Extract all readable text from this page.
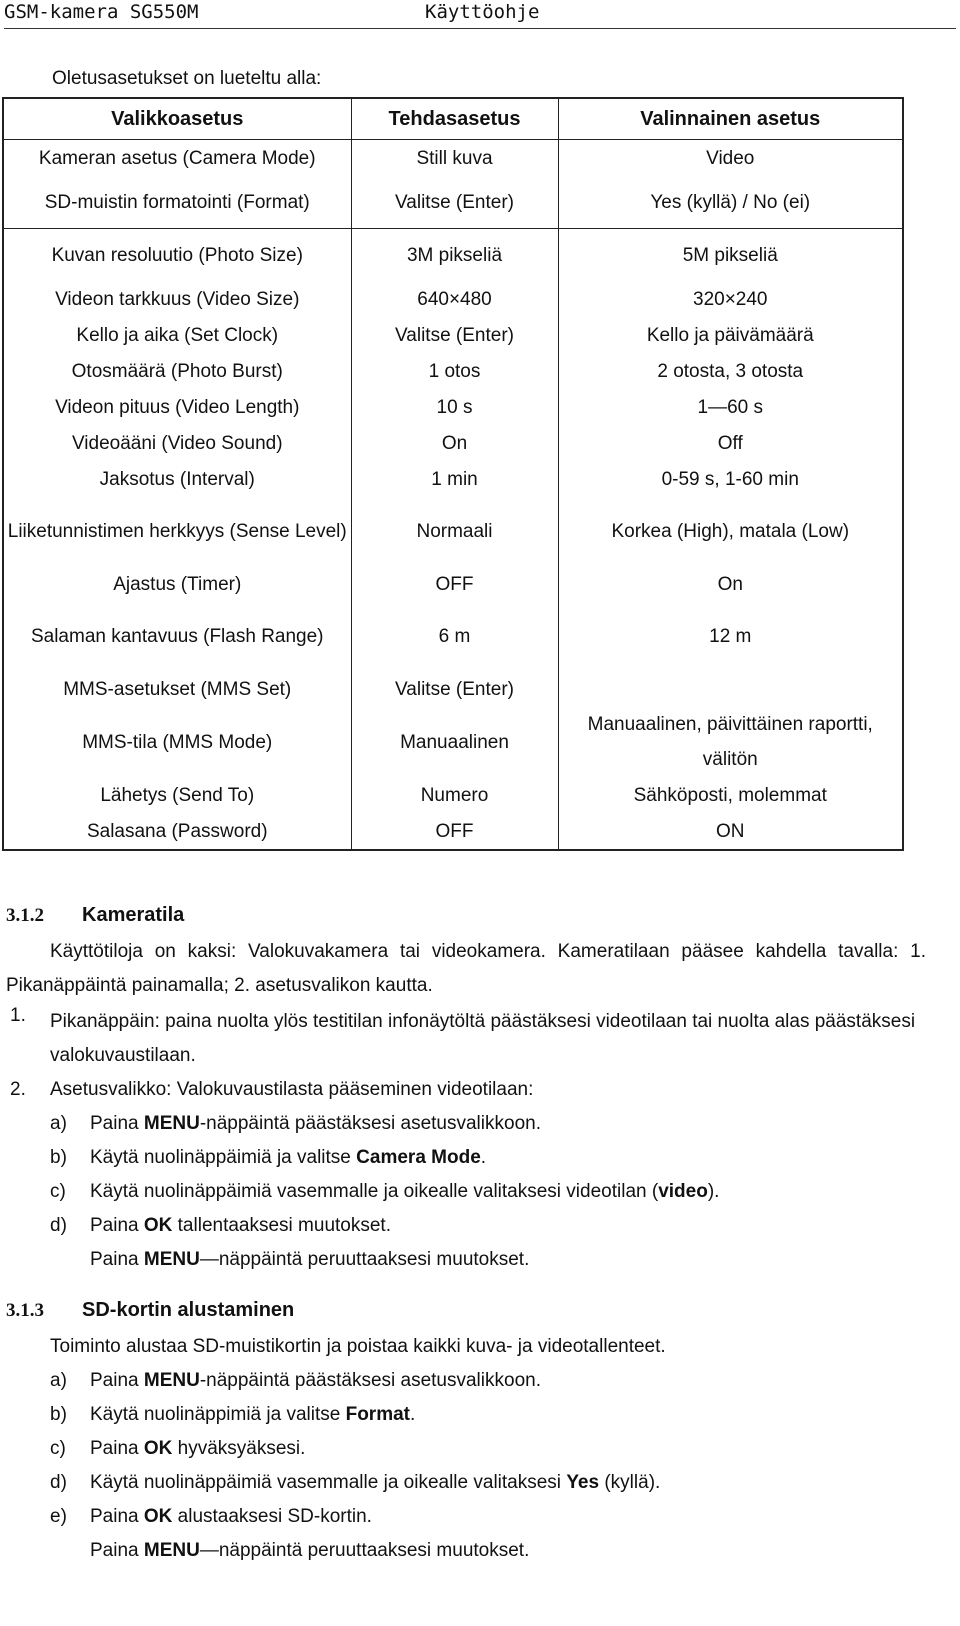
GSM-kamera SG550M	Käyttöohje
Oletusasetukset on lueteltu alla:
Valikkoasetus	Tehdasasetus	Valinnainen asetus
Kameran asetus (Camera Mode)	Still kuva	Video
SD-muistin formatointi (Format)	Valitse (Enter)	Yes (kyllä) / No (ei)
Kuvan resoluutio (Photo Size)	3M pikseliä	5M pikseliä
Videon tarkkuus (Video Size)	640×480	320×240
Kello ja aika (Set Clock)	Valitse (Enter)	Kello ja päivämäärä
Otosmäärä (Photo Burst)	1 otos	2 otosta, 3 otosta
Videon pituus (Video Length)	10 s	1—60 s
Videoääni (Video Sound)	On	Off
Jaksotus (Interval)	1 min	0-59 s, 1-60 min
Liiketunnistimen herkkyys (Sense Level)	Normaali	Korkea (High), matala (Low)
Ajastus (Timer)	OFF	On
Salaman kantavuus (Flash Range)	6 m	12 m
MMS-asetukset (MMS Set)	Valitse (Enter)	
MMS-tila (MMS Mode)	Manuaalinen	Manuaalinen, päivittäinen raportti, välitön
Lähetys (Send To)	Numero	Sähköposti, molemmat
Salasana (Password)	OFF	ON
3.1.2 Kameratila
Käyttötiloja on kaksi: Valokuvakamera tai videokamera. Kameratilaan pääsee kahdella tavalla: 1. Pikanäppäintä painamalla; 2. asetusvalikon kautta.
1. Pikanäppäin: paina nuolta ylös testitilan infonäytöltä päästäksesi videotilaan tai nuolta alas päästäksesi valokuvaustilaan.
2. Asetusvalikko: Valokuvaustilasta pääseminen videotilaan:
a) Paina MENU-näppäintä päästäksesi asetusvalikkoon.
b) Käytä nuolinäppäimiä ja valitse Camera Mode.
c) Käytä nuolinäppäimiä vasemmalle ja oikealle valitaksesi videotilan (video).
d) Paina OK tallentaaksesi muutokset.
Paina MENU—näppäintä peruuttaaksesi muutokset.
3.1.3 SD-kortin alustaminen
Toiminto alustaa SD-muistikortin ja poistaa kaikki kuva- ja videotallenteet.
a) Paina MENU-näppäintä päästäksesi asetusvalikkoon.
b) Käytä nuolinäppimiä ja valitse Format.
c) Paina OK hyväksyäksesi.
d) Käytä nuolinäppäimiä vasemmalle ja oikealle valitaksesi Yes (kyllä).
e) Paina OK alustaaksesi SD-kortin.
Paina MENU—näppäintä peruuttaaksesi muutokset.
